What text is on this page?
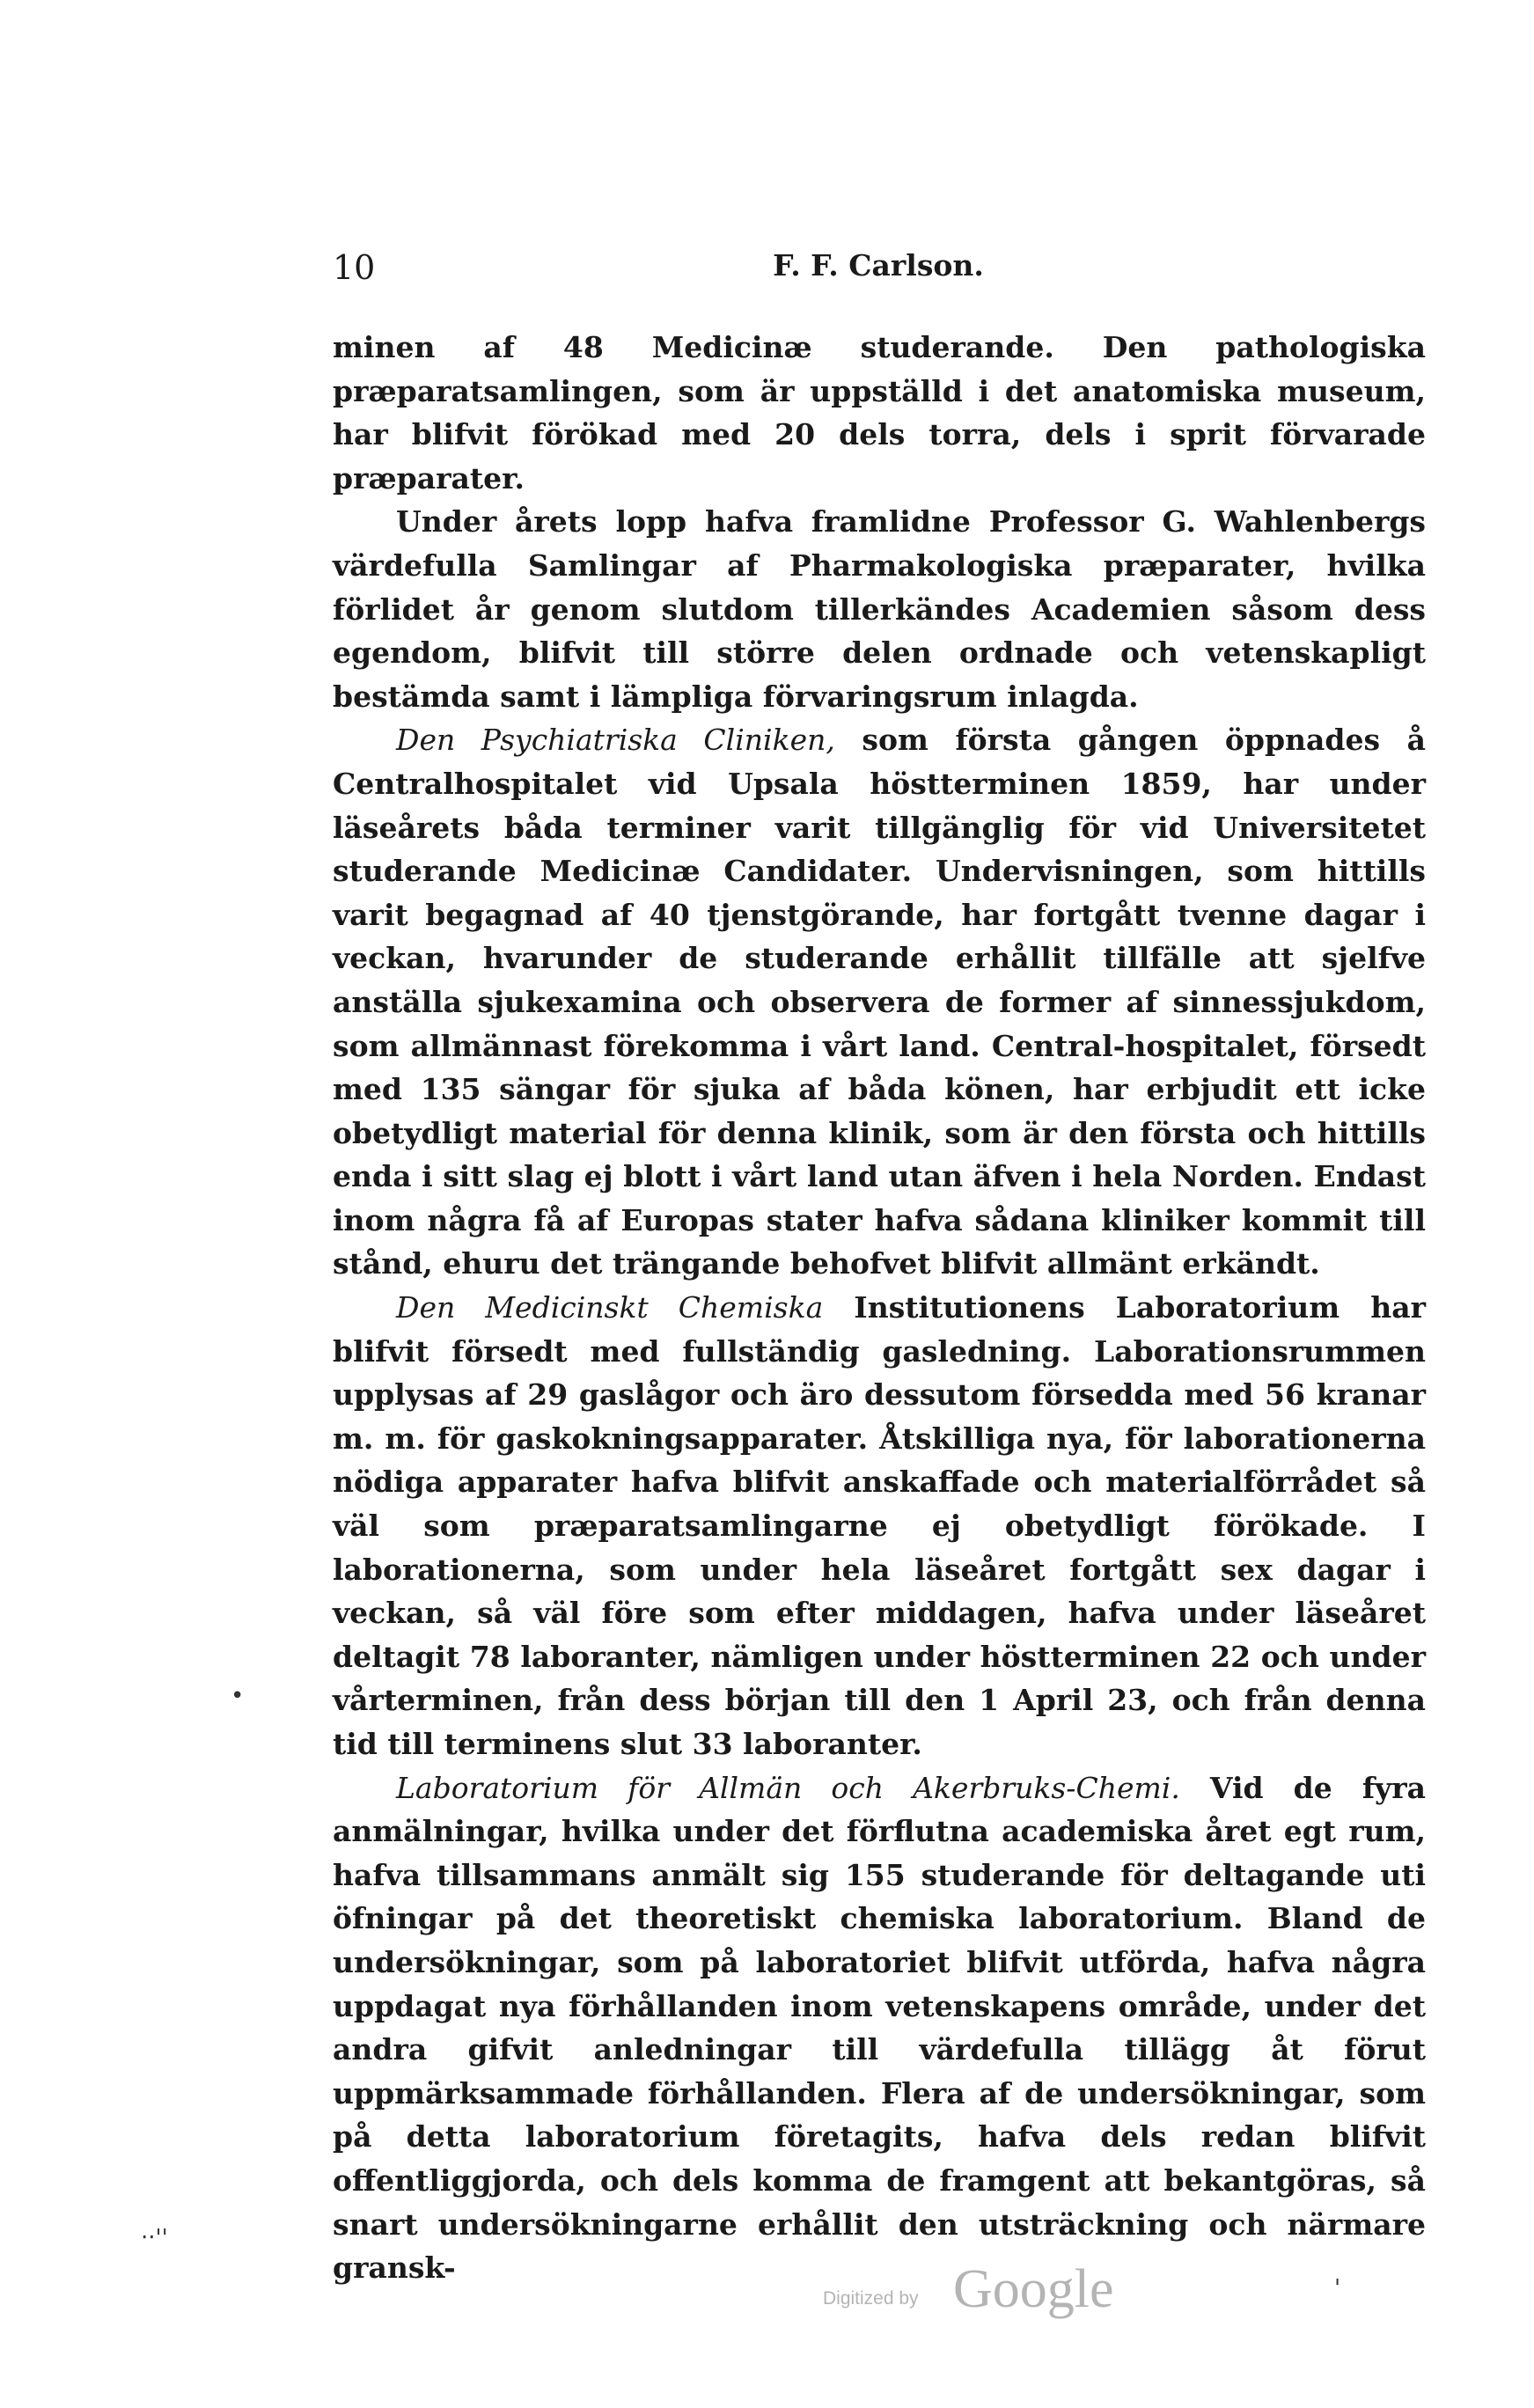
10	F. F. Carlson.

minen af 48 Medicinæ studerande. Den pathologiska præparatsamlingen, som är uppställd i det anatomiska museum, har blifvit förökad med 20 dels torra, dels i sprit förvarade præparater.

Under årets lopp hafva framlidne Professor G. Wahlenbergs värdefulla Samlingar af Pharmakologiska præparater, hvilka förlidet år genom slutdom tillerkändes Academien såsom dess egendom, blifvit till större delen ordnade och vetenskapligt bestämda samt i lämpliga förvaringsrum inlagda.

Den Psychiatriska Cliniken, som första gången öppnades å Centralhospitalet vid Upsala höstterminen 1859, har under läseårets båda terminer varit tillgänglig för vid Universitetet studerande Medicinæ Candidater. Undervisningen, som hittills varit begagnad af 40 tjenstgörande, har fortgått tvenne dagar i veckan, hvarunder de studerande erhållit tillfälle att sjelfve anställa sjukexamina och observera de former af sinnessjukdom, som allmännast förekomma i vårt land. Central-hospitalet, försedt med 135 sängar för sjuka af båda könen, har erbjudit ett icke obetydligt material för denna klinik, som är den första och hittills enda i sitt slag ej blott i vårt land utan äfven i hela Norden. Endast inom några få af Europas stater hafva sådana kliniker kommit till stånd, ehuru det trängande behofvet blifvit allmänt erkändt.

Den Medicinskt Chemiska Institutionens Laboratorium har blifvit försedt med fullständig gasledning. Laborationsrummen upplysas af 29 gaslågor och äro dessutom försedda med 56 kranar m. m. för gaskokningsapparater. Åtskilliga nya, för laborationerna nödiga apparater hafva blifvit anskaffade och materialförrådet så väl som præparatsamlingarne ej obetydligt förökade. I laborationerna, som under hela läseåret fortgått sex dagar i veckan, så väl före som efter middagen, hafva under läseåret deltagit 78 laboranter, nämligen under höstterminen 22 och under vårterminen, från dess början till den 1 April 23, och från denna tid till terminens slut 33 laboranter.

Laboratorium för Allmän och Akerbruks-Chemi. Vid de fyra anmälningar, hvilka under det förflutna academiska året egt rum, hafva tillsammans anmält sig 155 studerande för deltagande uti öfningar på det theoretiskt chemiska laboratorium. Bland de undersökningar, som på laboratoriet blifvit utförda, hafva några uppdagat nya förhållanden inom vetenskapens område, under det andra gifvit anledningar till värdefulla tillägg åt förut uppmärksammade förhållanden. Flera af de undersökningar, som på detta laboratorium företagits, hafva dels redan blifvit offentliggjorda, och dels komma de framgent att bekantgöras, så snart undersökningarne erhållit den utsträckning och närmare gransk-

•
‧‧''
'
Digitized by Google
